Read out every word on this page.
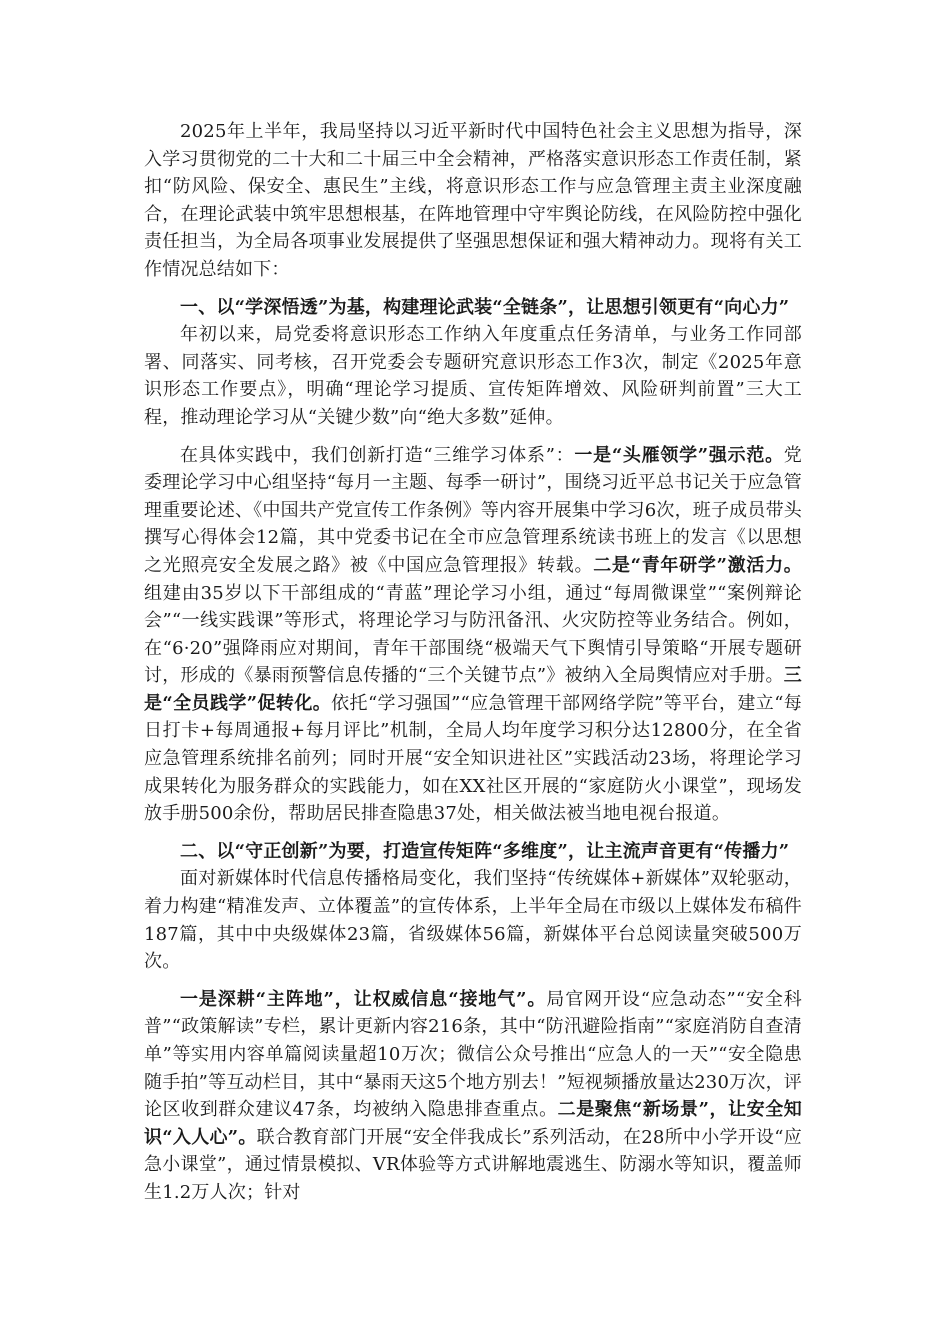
2025年上半年，我局坚持以习近平新时代中国特色社会主义思想为指导，深入学习贯彻党的二十大和二十届三中全会精神，严格落实意识形态工作责任制，紧扣“防风险、保安全、惠民生”主线，将意识形态工作与应急管理主责主业深度融合，在理论武装中筑牢思想根基，在阵地管理中守牢舆论防线，在风险防控中强化责任担当，为全局各项事业发展提供了坚强思想保证和强大精神动力。现将有关工作情况总结如下：

一、以“学深悟透”为基，构建理论武装“全链条”，让思想引领更有“向心力”

年初以来，局党委将意识形态工作纳入年度重点任务清单，与业务工作同部署、同落实、同考核，召开党委会专题研究意识形态工作3次，制定《2025年意识形态工作要点》，明确“理论学习提质、宣传矩阵增效、风险研判前置”三大工程，推动理论学习从“关键少数”向“绝大多数”延伸。

在具体实践中，我们创新打造“三维学习体系”：一是“头雁领学”强示范。党委理论学习中心组坚持“每月一主题、每季一研讨”，围绕习近平总书记关于应急管理重要论述、《中国共产党宣传工作条例》等内容开展集中学习6次，班子成员带头撰写心得体会12篇，其中党委书记在全市应急管理系统读书班上的发言《以思想之光照亮安全发展之路》被《中国应急管理报》转载。二是“青年研学”激活力。组建由35岁以下干部组成的“青蓝”理论学习小组，通过“每周微课堂”“案例辩论会”“一线实践课”等形式，将理论学习与防汛备汛、火灾防控等业务结合。例如，在“6·20”强降雨应对期间，青年干部围绕“极端天气下舆情引导策略“开展专题研讨，形成的《暴雨预警信息传播的“三个关键节点”》被纳入全局舆情应对手册。三是“全员践学”促转化。依托“学习强国”“应急管理干部网络学院”等平台，建立“每日打卡+每周通报+每月评比”机制，全局人均年度学习积分达12800分，在全省应急管理系统排名前列；同时开展“安全知识进社区”实践活动23场，将理论学习成果转化为服务群众的实践能力，如在XX社区开展的“家庭防火小课堂”，现场发放手册500余份，帮助居民排查隐患37处，相关做法被当地电视台报道。

二、以“守正创新”为要，打造宣传矩阵“多维度”，让主流声音更有“传播力”

面对新媒体时代信息传播格局变化，我们坚持“传统媒体+新媒体”双轮驱动，着力构建“精准发声、立体覆盖”的宣传体系，上半年全局在市级以上媒体发布稿件187篇，其中中央级媒体23篇，省级媒体56篇，新媒体平台总阅读量突破500万次。

一是深耕“主阵地”，让权威信息“接地气”。局官网开设“应急动态”“安全科普”“政策解读”专栏，累计更新内容216条，其中“防汛避险指南”“家庭消防自查清单”等实用内容单篇阅读量超10万次；微信公众号推出“应急人的一天”“安全隐患随手拍”等互动栏目，其中“暴雨天这5个地方别去！”短视频播放量达230万次，评论区收到群众建议47条，均被纳入隐患排查重点。二是聚焦“新场景”，让安全知识“入人心”。联合教育部门开展“安全伴我成长”系列活动，在28所中小学开设“应急小课堂”，通过情景模拟、VR体验等方式讲解地震逃生、防溺水等知识，覆盖师生1.2万人次；针对
